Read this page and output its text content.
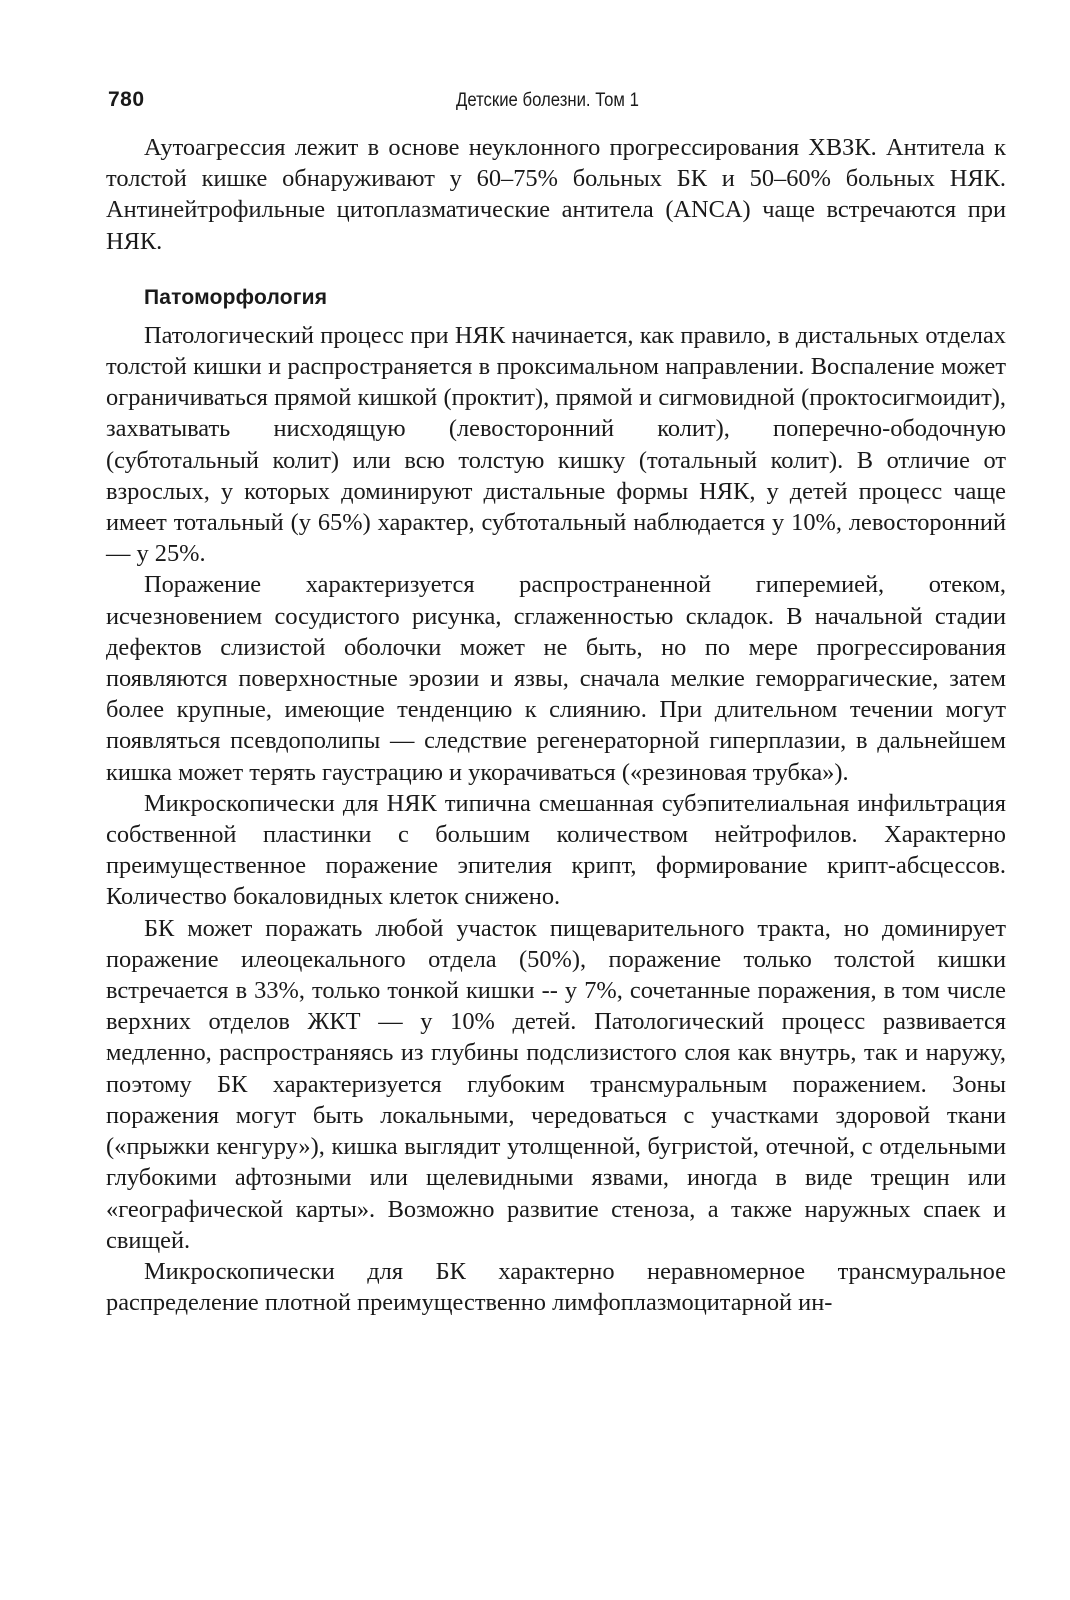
780	Детские болезни. Том 1

Аутоагрессия лежит в основе неуклонного прогрессирования ХВЗК. Антитела к толстой кишке обнаруживают у 60–75% больных БК и 50–60% больных НЯК. Антинейтрофильные цитоплазматические антитела (ANCA) чаще встречаются при НЯК.

Патоморфология

Патологический процесс при НЯК начинается, как правило, в дистальных отделах толстой кишки и распространяется в проксимальном направлении. Воспаление может ограничиваться прямой кишкой (проктит), прямой и сигмовидной (проктосигмоидит), захватывать нисходящую (левосторонний колит), поперечно-ободочную (субтотальный колит) или всю толстую кишку (тотальный колит). В отличие от взрослых, у которых доминируют дистальные формы НЯК, у детей процесс чаще имеет тотальный (у 65%) характер, субтотальный наблюдается у 10%, левосторонний — у 25%.

Поражение характеризуется распространенной гиперемией, отеком, исчезновением сосудистого рисунка, сглаженностью складок. В начальной стадии дефектов слизистой оболочки может не быть, но по мере прогрессирования появляются поверхностные эрозии и язвы, сначала мелкие геморрагические, затем более крупные, имеющие тенденцию к слиянию. При длительном течении могут появляться псевдополипы — следствие регенераторной гиперплазии, в дальнейшем кишка может терять гаустрацию и укорачиваться («резиновая трубка»).

Микроскопически для НЯК типична смешанная субэпителиальная инфильтрация собственной пластинки с большим количеством нейтрофилов. Характерно преимущественное поражение эпителия крипт, формирование крипт-абсцессов. Количество бокаловидных клеток снижено.

БК может поражать любой участок пищеварительного тракта, но доминирует поражение илеоцекального отдела (50%), поражение только толстой кишки встречается в 33%, только тонкой кишки -- у 7%, сочетанные поражения, в том числе верхних отделов ЖКТ — у 10% детей. Патологический процесс развивается медленно, распространяясь из глубины подслизистого слоя как внутрь, так и наружу, поэтому БК характеризуется глубоким трансмуральным поражением. Зоны поражения могут быть локальными, чередоваться с участками здоровой ткани («прыжки кенгуру»), кишка выглядит утолщенной, бугристой, отечной, с отдельными глубокими афтозными или щелевидными язвами, иногда в виде трещин или «географической карты». Возможно развитие стеноза, а также наружных спаек и свищей.

Микроскопически для БК характерно неравномерное трансмуральное распределение плотной преимущественно лимфоплазмоцитарной ин-
